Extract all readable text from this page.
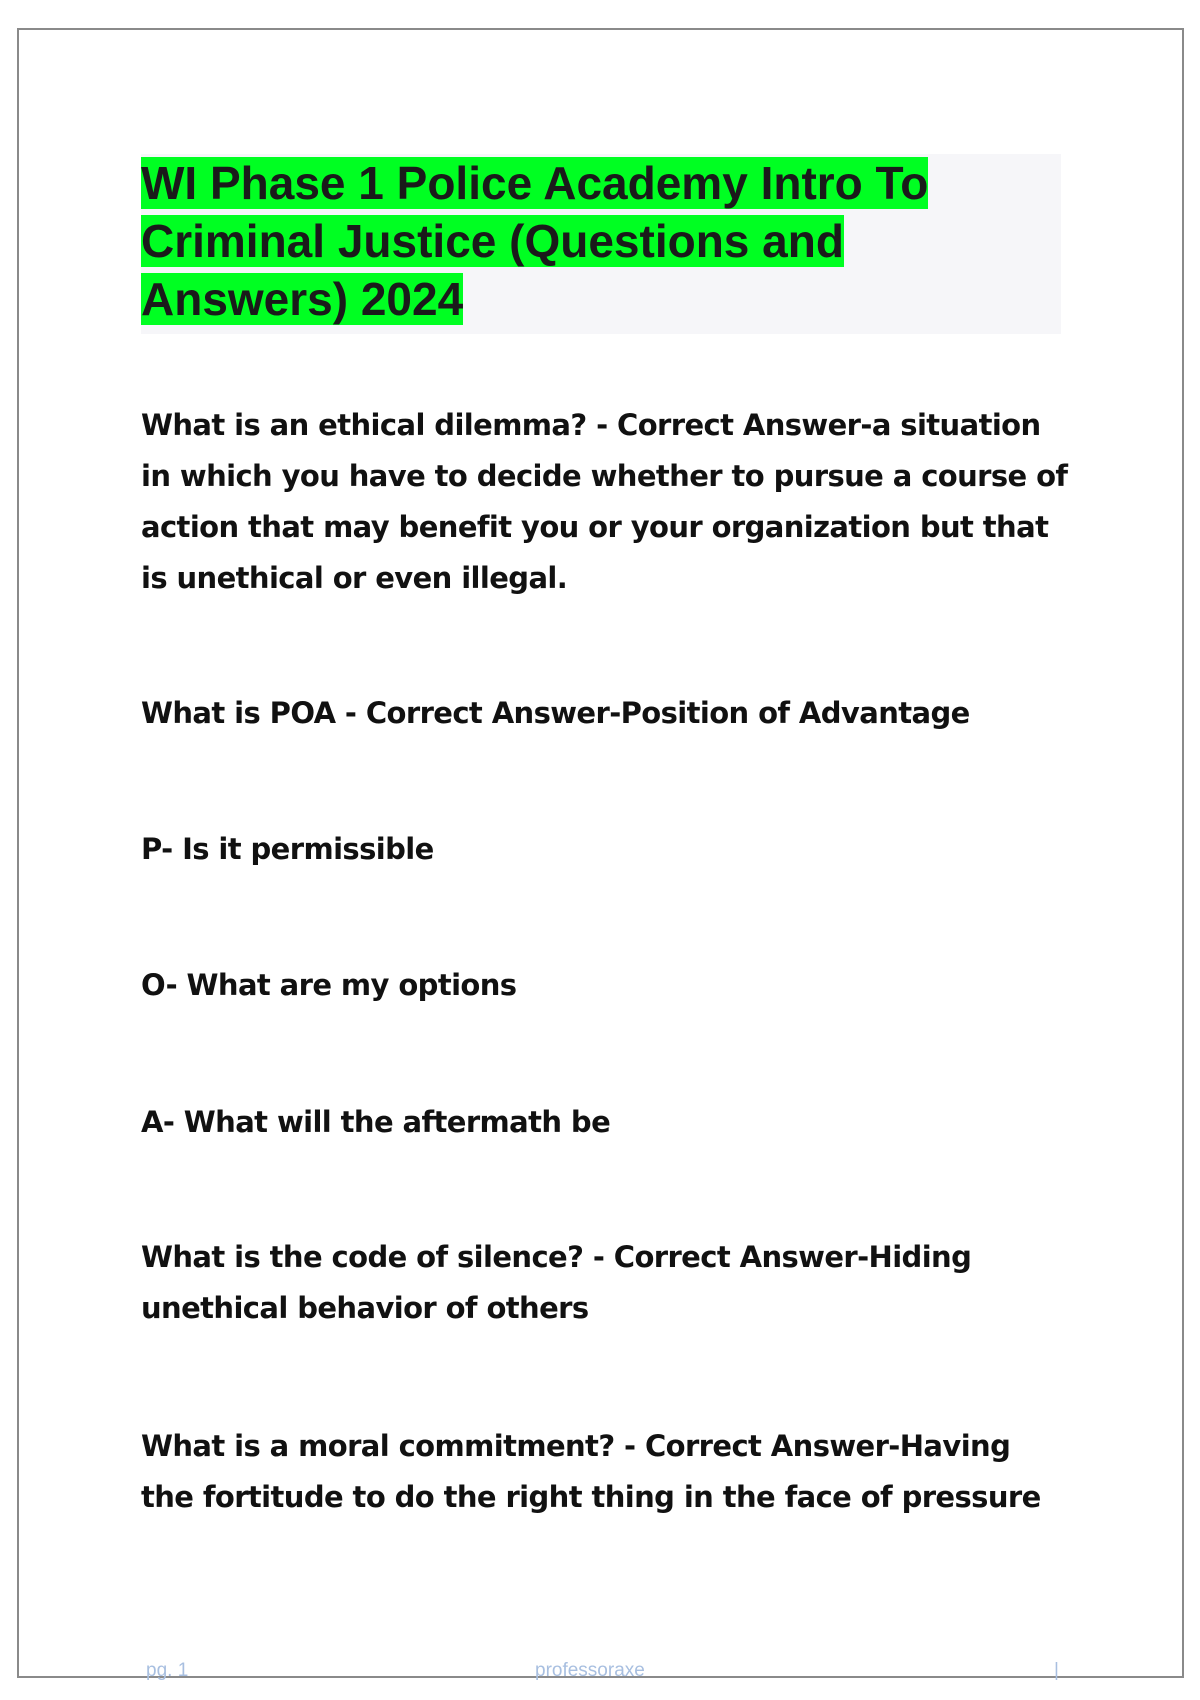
WI Phase 1 Police Academy Intro To Criminal Justice (Questions and Answers) 2024

What is an ethical dilemma? - Correct Answer-a situation in which you have to decide whether to pursue a course of action that may benefit you or your organization but that is unethical or even illegal.

What is POA - Correct Answer-Position of Advantage

P- Is it permissible

O- What are my options

A- What will the aftermath be

What is the code of silence? - Correct Answer-Hiding unethical behavior of others

What is a moral commitment? - Correct Answer-Having the fortitude to do the right thing in the face of pressure

pg. 1	professoraxe	|
